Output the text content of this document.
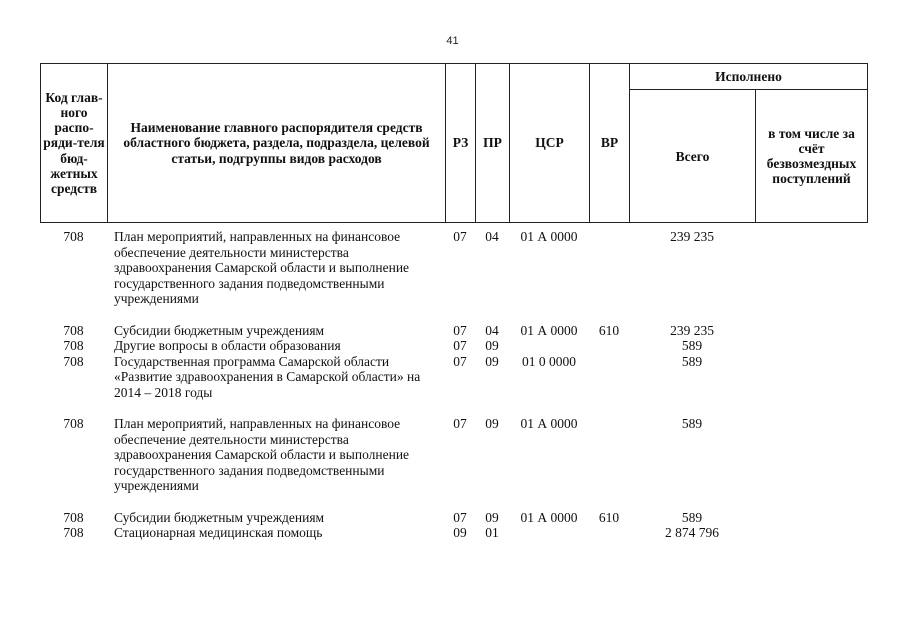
41
Код глав-ного распо-ряди-теля бюд-жетных средств	Наименование главного распорядителя средств областного бюджета, раздела, подраздела, целевой статьи, подгруппы видов расходов	РЗ	ПР	ЦСР	ВР	Исполнено	
						Всего	в том числе за счёт безвозмездных поступлений
708	План мероприятий, направленных на финансовое обеспечение деятельности министерства здравоохранения Самарской области и выполнение государственного задания подведомственными учреждениями	07	04	01 А 0000		239 235	
708	Субсидии бюджетным учреждениям	07	04	01 А 0000	610	239 235	
708	Другие вопросы в области образования	07	09			589	
708	Государственная программа Самарской области «Развитие здравоохранения в Самарской области» на 2014 – 2018 годы	07	09	01 0 0000		589	
708	План мероприятий, направленных на финансовое обеспечение деятельности министерства здравоохранения Самарской области и выполнение государственного задания подведомственными учреждениями	07	09	01 А 0000		589	
708	Субсидии бюджетным учреждениям	07	09	01 А 0000	610	589	
708	Стационарная медицинская помощь	09	01			2 874 796	
